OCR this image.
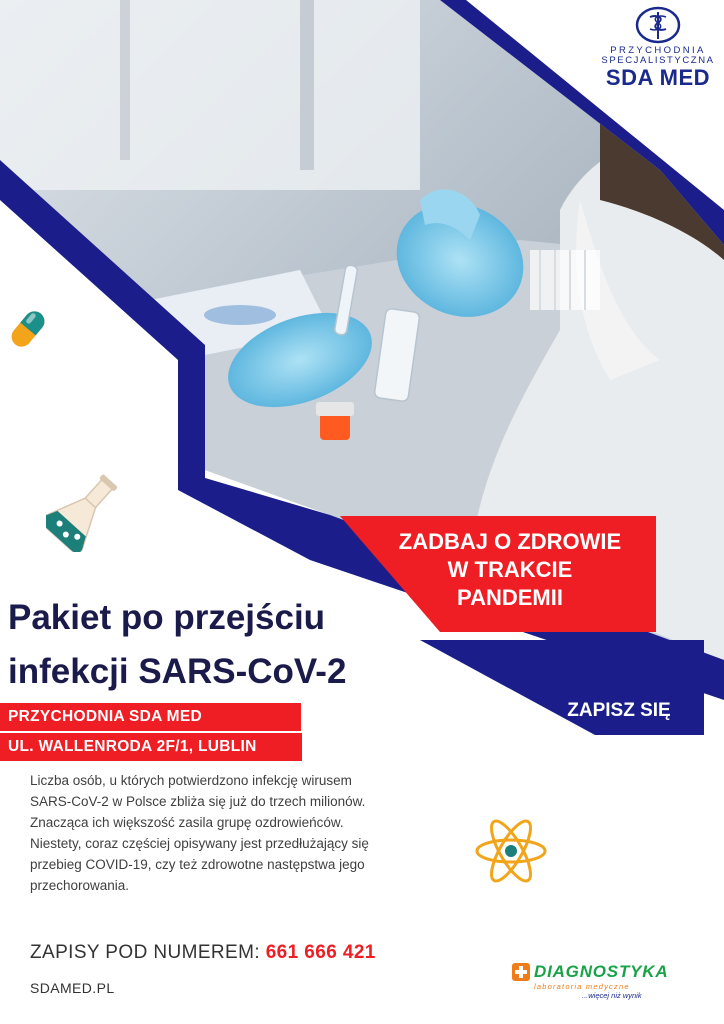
PRZYCHODNIA
SPECJALISTYCZNA
SDA MED
ZADBAJ O ZDROWIE
W TRAKCIE
PANDEMII
ZAPISZ SIĘ
Pakiet po przejściu
infekcji SARS-CoV-2
PRZYCHODNIA SDA MED
UL. WALLENRODA 2F/1, LUBLIN

Liczba osób, u których potwierdzono infekcję wirusem SARS-CoV-2 w Polsce zbliża się już do trzech milionów. Znacząca ich większość zasila grupę ozdrowieńców. Niestety, coraz częściej opisywany jest przedłużający się przebieg COVID-19, czy też zdrowotne następstwa jego przechorowania.

ZAPISY POD NUMEREM: 661 666 421
SDAMED.PL
DIAGNOSTYKA
laboratoria medyczne
...więcej niż wynik
